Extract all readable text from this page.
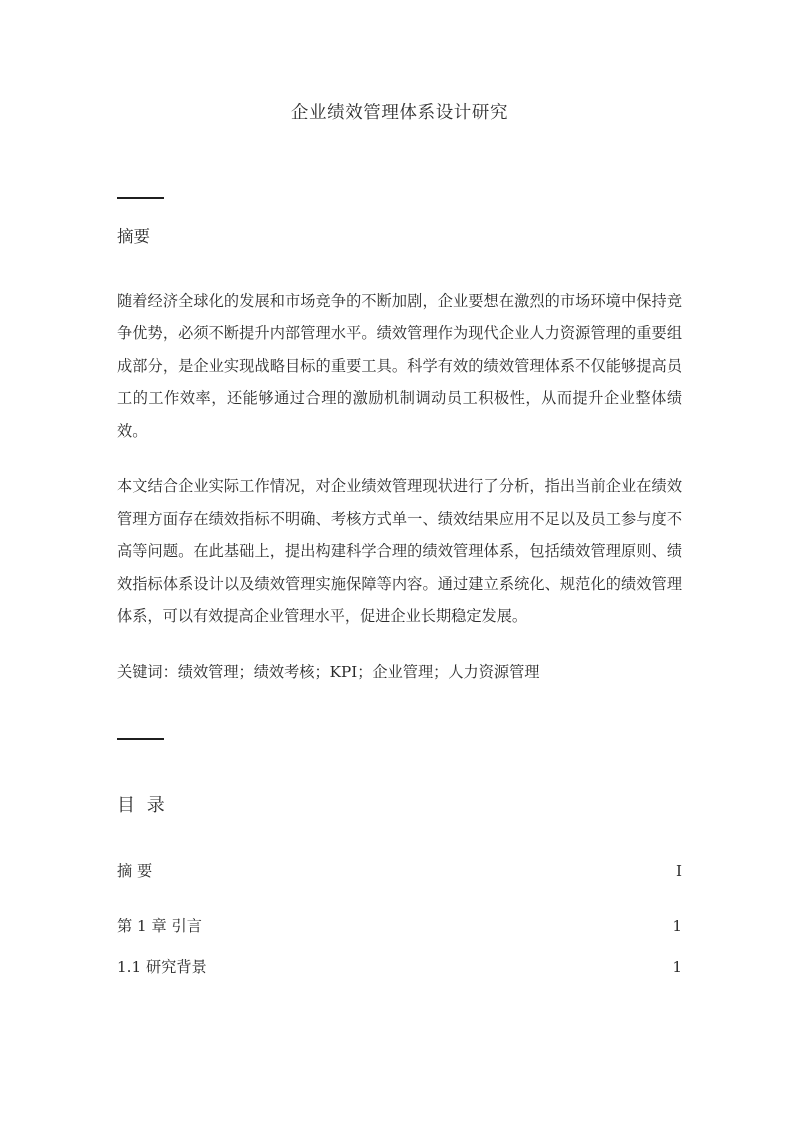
企业绩效管理体系设计研究
摘要

随着经济全球化的发展和市场竞争的不断加剧，企业要想在激烈的市场环境中保持竞争优势，必须不断提升内部管理水平。绩效管理作为现代企业人力资源管理的重要组成部分，是企业实现战略目标的重要工具。科学有效的绩效管理体系不仅能够提高员工的工作效率，还能够通过合理的激励机制调动员工积极性，从而提升企业整体绩效。

本文结合企业实际工作情况，对企业绩效管理现状进行了分析，指出当前企业在绩效管理方面存在绩效指标不明确、考核方式单一、绩效结果应用不足以及员工参与度不高等问题。在此基础上，提出构建科学合理的绩效管理体系，包括绩效管理原则、绩效指标体系设计以及绩效管理实施保障等内容。通过建立系统化、规范化的绩效管理体系，可以有效提高企业管理水平，促进企业长期稳定发展。

关键词：绩效管理；绩效考核；KPI；企业管理；人力资源管理

目 录
摘 要 ·····	Ⅰ
第 1 章 引言 ·····	1
1.1 研究背景 ·····	1
